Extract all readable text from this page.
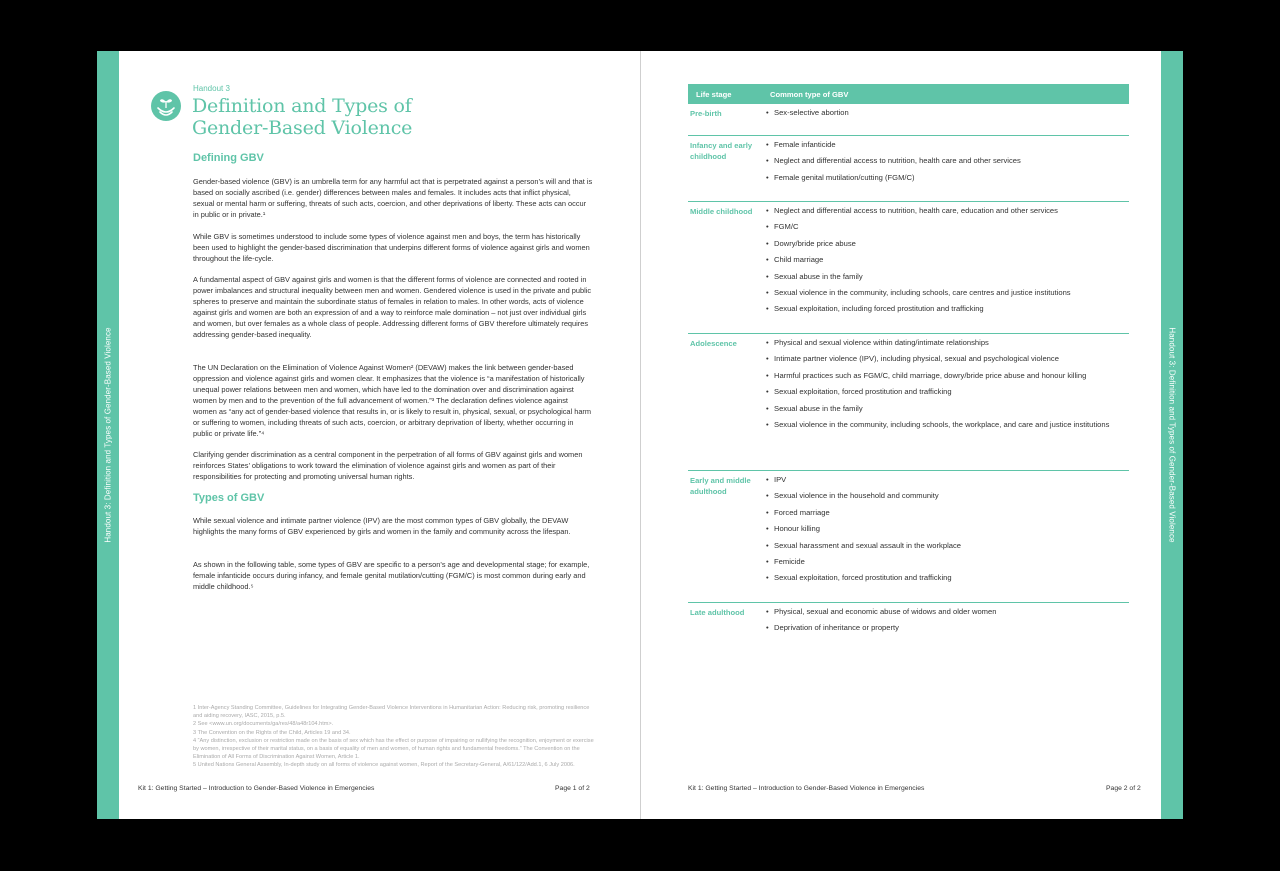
Handout 3: Definition and Types of Gender-Based Violence	Handout 3: Definition and Types of Gender-Based Violence
Handout 3
Definition and Types of
Gender-Based Violence
Defining GBV

Gender-based violence (GBV) is an umbrella term for any harmful act that is perpetrated against a person’s will and that is based on socially ascribed (i.e. gender) differences between males and females. It includes acts that inflict physical, sexual or mental harm or suffering, threats of such acts, coercion, and other deprivations of liberty. These acts can occur in public or in private.¹

While GBV is sometimes understood to include some types of violence against men and boys, the term has historically been used to highlight the gender-based discrimination that underpins different forms of violence against girls and women throughout the life-cycle.

A fundamental aspect of GBV against girls and women is that the different forms of violence are connected and rooted in power imbalances and structural inequality between men and women. Gendered violence is used in the private and public spheres to preserve and maintain the subordinate status of females in relation to males. In other words, acts of violence against girls and women are both an expression of and a way to reinforce male domination – not just over individual girls and women, but over females as a whole class of people. Addressing different forms of GBV therefore ultimately requires addressing gender-based inequality.

The UN Declaration on the Elimination of Violence Against Women² (DEVAW) makes the link between gender-based oppression and violence against girls and women clear. It emphasizes that the violence is “a manifestation of historically unequal power relations between men and women, which have led to the domination over and discrimination against women by men and to the prevention of the full advancement of women.”³ The declaration defines violence against women as “any act of gender-based violence that results in, or is likely to result in, physical, sexual, or psychological harm or suffering to women, including threats of such acts, coercion, or arbitrary deprivation of liberty, whether occurring in public or private life.”⁴

Clarifying gender discrimination as a central component in the perpetration of all forms of GBV against girls and women reinforces States’ obligations to work toward the elimination of violence against girls and women as part of their responsibilities for protecting and promoting universal human rights.

Types of GBV

While sexual violence and intimate partner violence (IPV) are the most common types of GBV globally, the DEVAW highlights the many forms of GBV experienced by girls and women in the family and community across the lifespan.

As shown in the following table, some types of GBV are specific to a person’s age and developmental stage; for example, female infanticide occurs during infancy, and female genital mutilation/cutting (FGM/C) is most common during early and middle childhood.⁵

1 Inter-Agency Standing Committee, Guidelines for Integrating Gender-Based Violence Interventions in Humanitarian Action: Reducing risk, promoting resilience and aiding recovery, IASC, 2015, p.5.

2 See <www.un.org/documents/ga/res/48/a48r104.htm>.

3 The Convention on the Rights of the Child, Articles 19 and 34.

4 “Any distinction, exclusion or restriction made on the basis of sex which has the effect or purpose of impairing or nullifying the recognition, enjoyment or exercise by women, irrespective of their marital status, on a basis of equality of men and women, of human rights and fundamental freedoms.” The Convention on the Elimination of All Forms of Discrimination Against Women, Article 1.

5 United Nations General Assembly, In-depth study on all forms of violence against women, Report of the Secretary-General, A/61/122/Add.1, 6 July 2006.

Kit 1: Getting Started – Introduction to Gender-Based Violence in Emergencies	Page 1 of 2
Life stage	Common type of GBV
Pre-birth	• Sex-selective abortion
Infancy and early childhood
• Female infanticide
• Neglect and differential access to nutrition, health care and other services
• Female genital mutilation/cutting (FGM/C)
Middle childhood	• Neglect and differential access to nutrition, health care, education and other services
• FGM/C
• Dowry/bride price abuse
• Child marriage
• Sexual abuse in the family
• Sexual violence in the community, including schools, care centres and justice institutions
• Sexual exploitation, including forced prostitution and trafficking
Adolescence	• Physical and sexual violence within dating/intimate relationships
• Intimate partner violence (IPV), including physical, sexual and psychological violence
• Harmful practices such as FGM/C, child marriage, dowry/bride price abuse and honour killing
• Sexual exploitation, forced prostitution and trafficking
• Sexual abuse in the family
• Sexual violence in the community, including schools, the workplace, and care and justice institutions
Early and middle adulthood
• IPV
• Sexual violence in the household and community
• Forced marriage
• Honour killing
• Sexual harassment and sexual assault in the workplace
• Femicide
• Sexual exploitation, forced prostitution and trafficking
Late adulthood	• Physical, sexual and economic abuse of widows and older women
• Deprivation of inheritance or property
Kit 1: Getting Started – Introduction to Gender-Based Violence in Emergencies	Page 2 of 2
